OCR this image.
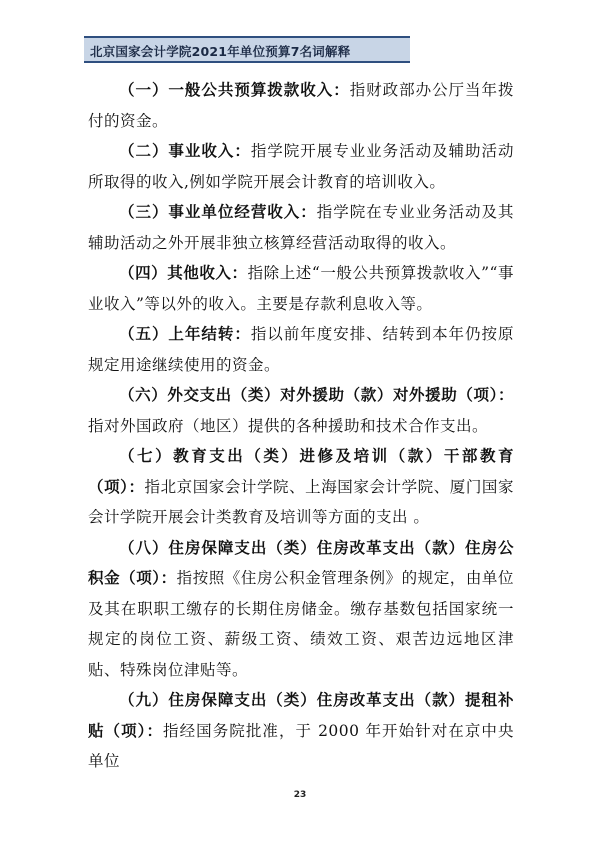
北京国家会计学院2021年单位预算7名词解释

（一）一般公共预算拨款收入：指财政部办公厅当年拨付的资金。

（二）事业收入：指学院开展专业业务活动及辅助活动所取得的收入,例如学院开展会计教育的培训收入。

（三）事业单位经营收入：指学院在专业业务活动及其辅助活动之外开展非独立核算经营活动取得的收入。

（四）其他收入：指除上述“一般公共预算拨款收入”“事业收入”等以外的收入。主要是存款利息收入等。

（五）上年结转：指以前年度安排、结转到本年仍按原规定用途继续使用的资金。

（六）外交支出（类）对外援助（款）对外援助（项）：指对外国政府（地区）提供的各种援助和技术合作支出。

（七）教育支出（类）进修及培训（款）干部教育（项）：指北京国家会计学院、上海国家会计学院、厦门国家会计学院开展会计类教育及培训等方面的支出 。

（八）住房保障支出（类）住房改革支出（款）住房公积金（项）：指按照《住房公积金管理条例》的规定，由单位及其在职职工缴存的长期住房储金。缴存基数包括国家统一规定的岗位工资、薪级工资、绩效工资、艰苦边远地区津贴、特殊岗位津贴等。

（九）住房保障支出（类）住房改革支出（款）提租补贴（项）：指经国务院批准，于 2000 年开始针对在京中央单位

23
